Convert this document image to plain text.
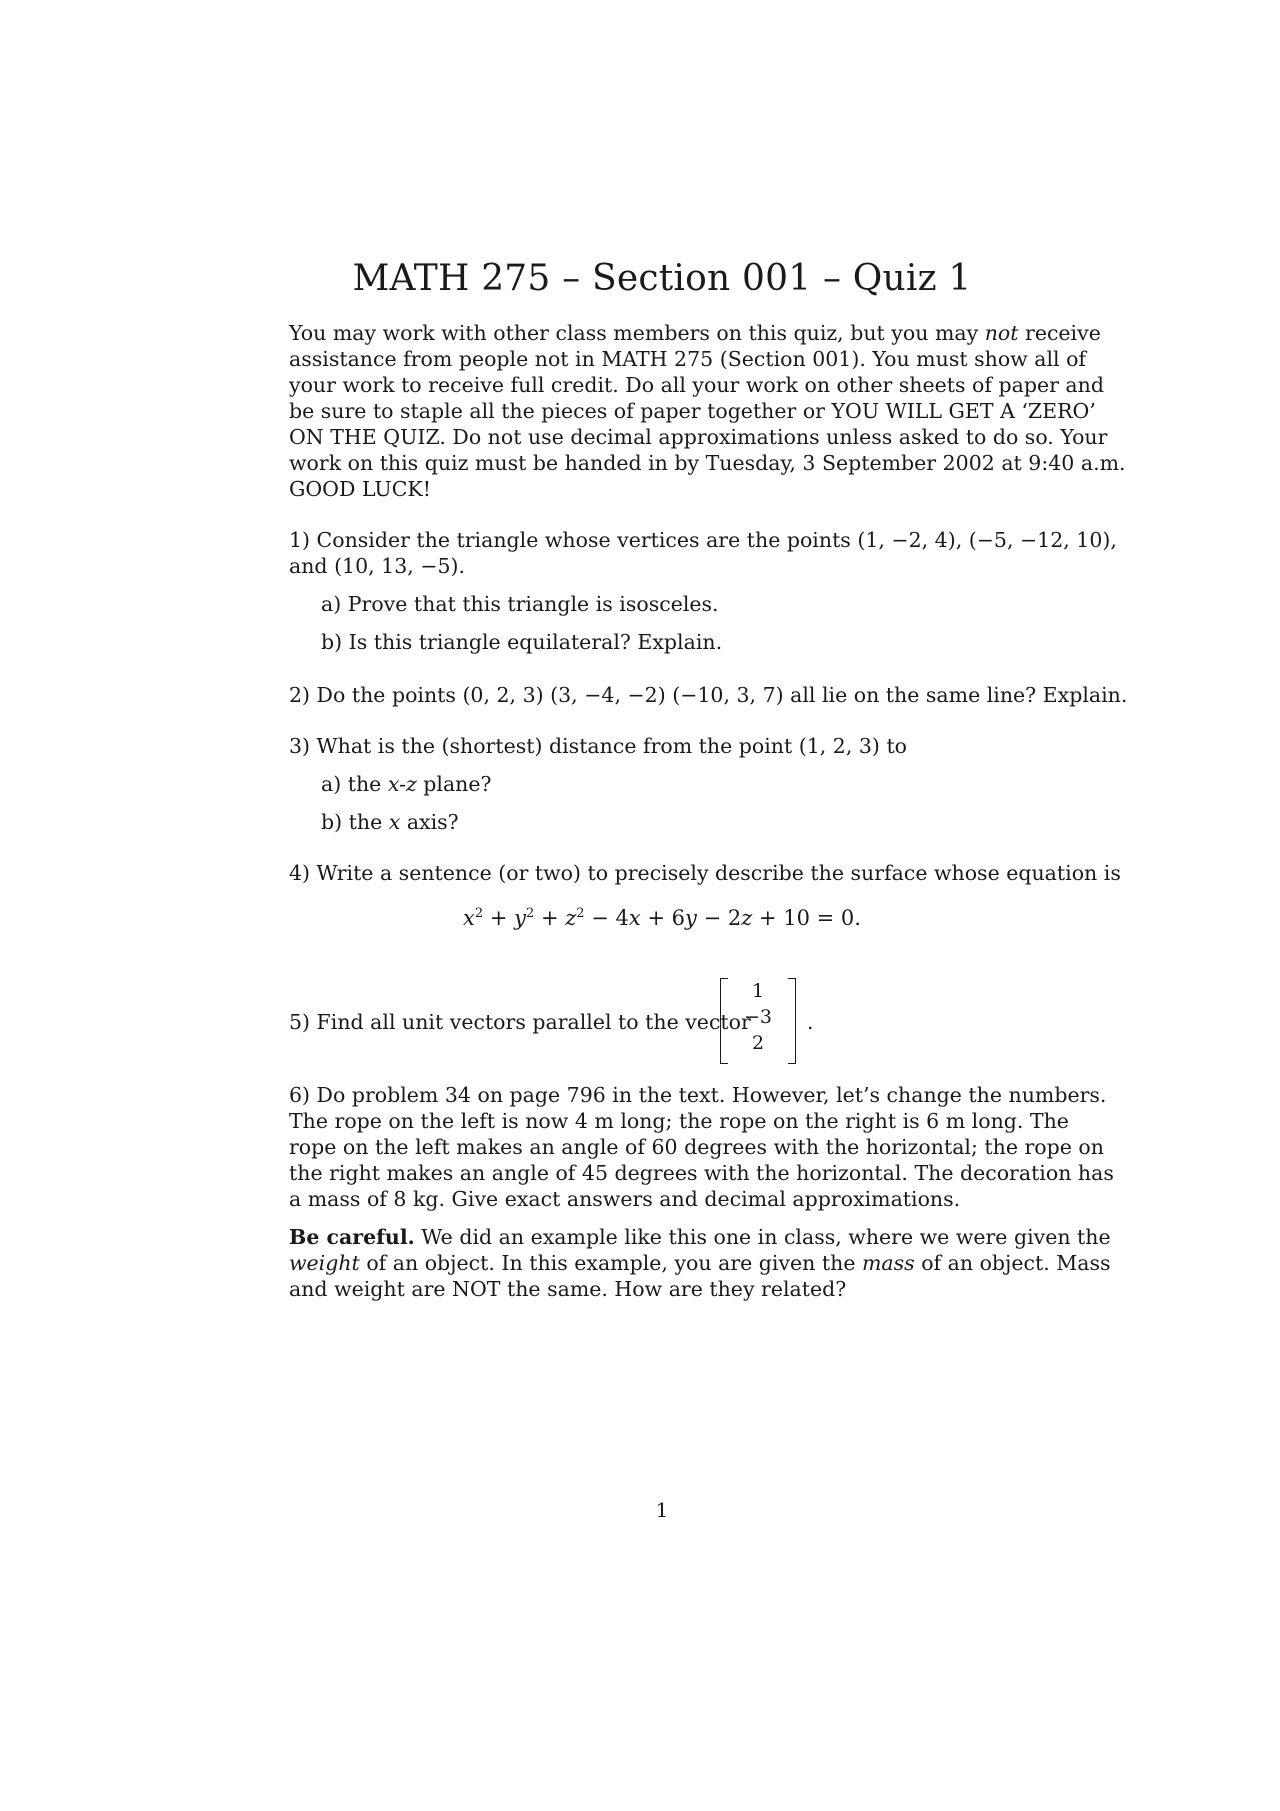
MATH 275 – Section 001 – Quiz 1
You may work with other class members on this quiz, but you may not receive
assistance from people not in MATH 275 (Section 001). You must show all of
your work to receive full credit. Do all your work on other sheets of paper and
be sure to staple all the pieces of paper together or YOU WILL GET A ‘ZERO’
ON THE QUIZ. Do not use decimal approximations unless asked to do so. Your
work on this quiz must be handed in by Tuesday, 3 September 2002 at 9:40 a.m.
GOOD LUCK!
1) Consider the triangle whose vertices are the points (1, −2, 4), (−5, −12, 10),
and (10, 13, −5).
a) Prove that this triangle is isosceles.
b) Is this triangle equilateral? Explain.
2) Do the points (0, 2, 3) (3, −4, −2) (−10, 3, 7) all lie on the same line? Explain.
3) What is the (shortest) distance from the point (1, 2, 3) to
a) the x-z plane?
b) the x axis?
4) Write a sentence (or two) to precisely describe the surface whose equation is
$x^2 + y^2 + z^2 - 4x + 6y - 2z + 10 = 0$.
5) Find all unit vectors parallel to the vector
1
−3
2
.
6) Do problem 34 on page 796 in the text. However, let’s change the numbers.
The rope on the left is now 4 m long; the rope on the right is 6 m long. The
rope on the left makes an angle of 60 degrees with the horizontal; the rope on
the right makes an angle of 45 degrees with the horizontal. The decoration has
a mass of 8 kg. Give exact answers and decimal approximations.
Be careful. We did an example like this one in class, where we were given the
weight of an object. In this example, you are given the mass of an object. Mass
and weight are NOT the same. How are they related?
1
